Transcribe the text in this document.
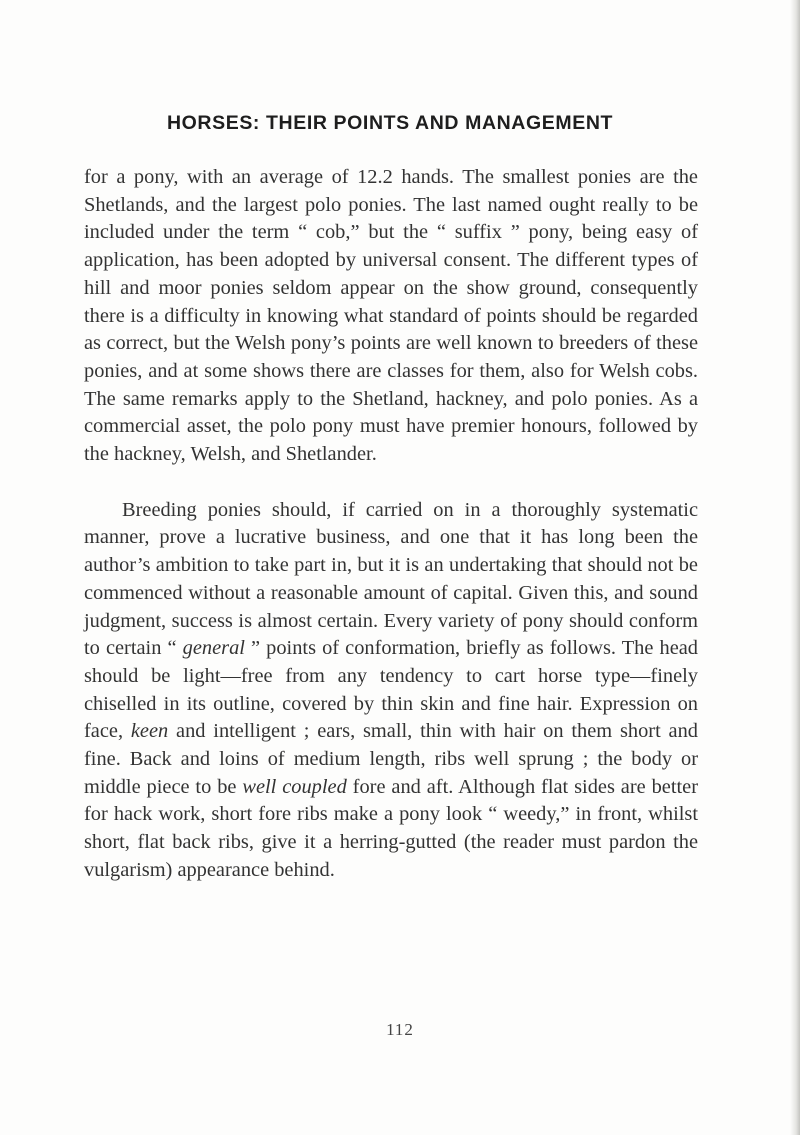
HORSES: THEIR POINTS AND MANAGEMENT

for a pony, with an average of 12.2 hands. The smallest ponies are the Shetlands, and the largest polo ponies. The last named ought really to be included under the term “ cob,” but the “ suffix ” pony, being easy of application, has been adopted by universal consent. The different types of hill and moor ponies seldom appear on the show ground, consequently there is a difficulty in knowing what standard of points should be regarded as correct, but the Welsh pony’s points are well known to breeders of these ponies, and at some shows there are classes for them, also for Welsh cobs. The same remarks apply to the Shetland, hackney, and polo ponies. As a commercial asset, the polo pony must have premier honours, followed by the hackney, Welsh, and Shetlander.

Breeding ponies should, if carried on in a thoroughly systematic manner, prove a lucrative business, and one that it has long been the author’s ambition to take part in, but it is an undertaking that should not be commenced without a reasonable amount of capital. Given this, and sound judgment, success is almost certain. Every variety of pony should conform to certain “ general ” points of conformation, briefly as follows. The head should be light—free from any tendency to cart horse type—finely chiselled in its outline, covered by thin skin and fine hair. Expression on face, keen and intelligent ; ears, small, thin with hair on them short and fine. Back and loins of medium length, ribs well sprung ; the body or middle piece to be well coupled fore and aft. Although flat sides are better for hack work, short fore ribs make a pony look “ weedy,” in front, whilst short, flat back ribs, give it a herring-gutted (the reader must pardon the vulgarism) appearance behind.

112
